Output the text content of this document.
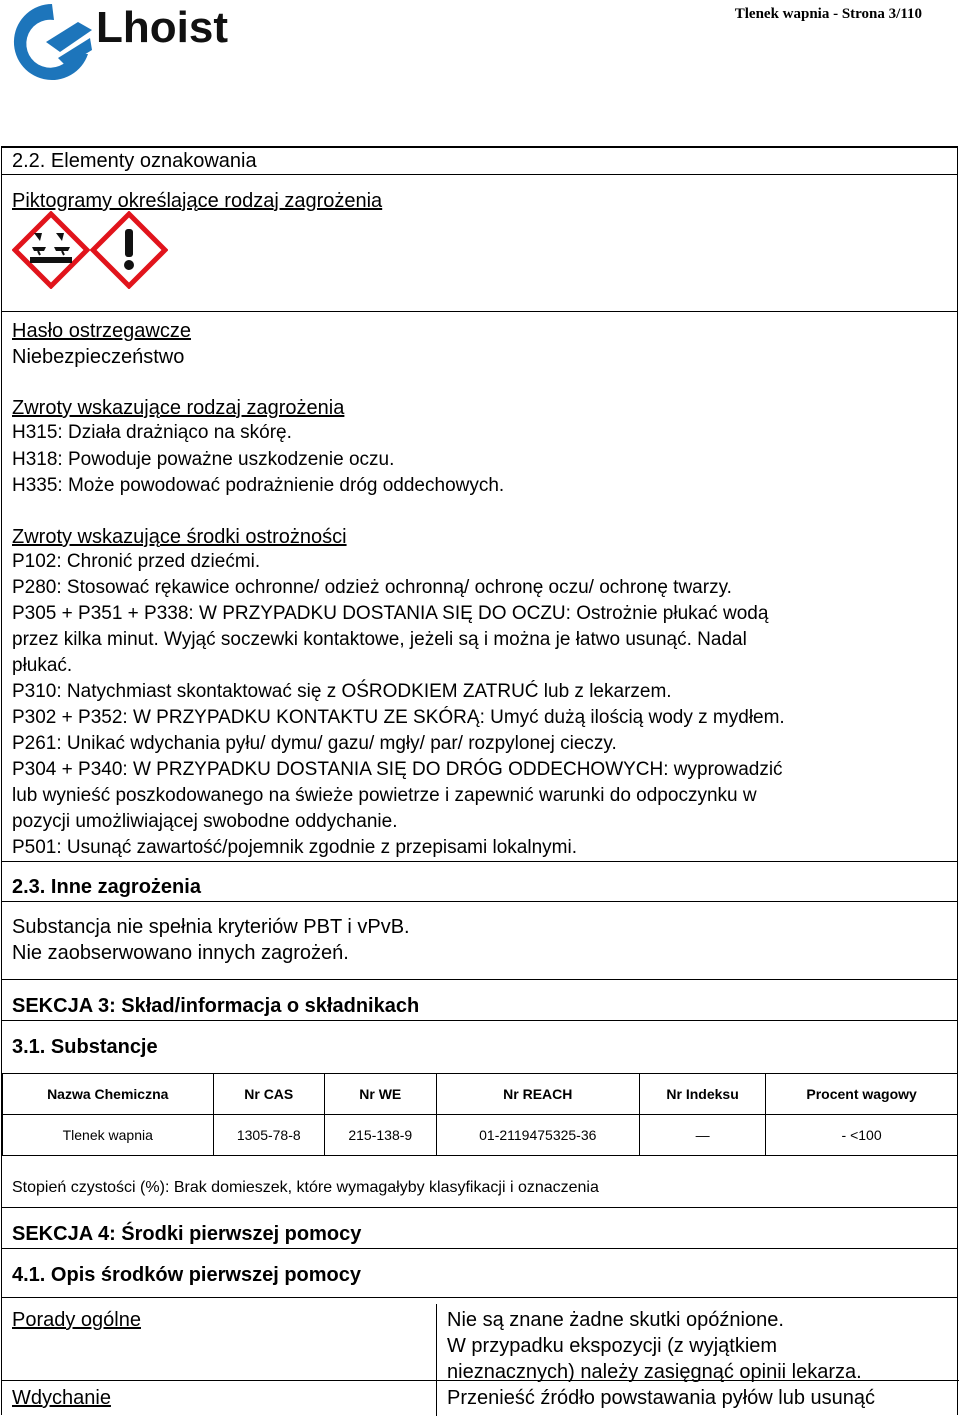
Lhoist	Tlenek wapnia - Strona 3/110
2.2. Elementy oznakowania
Piktogramy określające rodzaj zagrożenia
Hasło ostrzegawcze
Niebezpieczeństwo
Zwroty wskazujące rodzaj zagrożenia
H315: Działa drażniąco na skórę.
H318: Powoduje poważne uszkodzenie oczu.
H335: Może powodować podrażnienie dróg oddechowych.
Zwroty wskazujące środki ostrożności
P102: Chronić przed dziećmi.
P280: Stosować rękawice ochronne/ odzież ochronną/ ochronę oczu/ ochronę twarzy.
P305 + P351 + P338: W PRZYPADKU DOSTANIA SIĘ DO OCZU: Ostrożnie płukać wodą
przez kilka minut. Wyjąć soczewki kontaktowe, jeżeli są i można je łatwo usunąć. Nadal
płukać.
P310: Natychmiast skontaktować się z OŚRODKIEM ZATRUĆ lub z lekarzem.
P302 + P352: W PRZYPADKU KONTAKTU ZE SKÓRĄ: Umyć dużą ilością wody z mydłem.
P261: Unikać wdychania pyłu/ dymu/ gazu/ mgły/ par/ rozpylonej cieczy.
P304 + P340: W PRZYPADKU DOSTANIA SIĘ DO DRÓG ODDECHOWYCH: wyprowadzić
lub wynieść poszkodowanego na świeże powietrze i zapewnić warunki do odpoczynku w
pozycji umożliwiającej swobodne oddychanie.
P501: Usunąć zawartość/pojemnik zgodnie z przepisami lokalnymi.
2.3. Inne zagrożenia
Substancja nie spełnia kryteriów PBT i vPvB.
Nie zaobserwowano innych zagrożeń.
SEKCJA 3: Skład/informacja o składnikach
3.1. Substancje
Nazwa Chemiczna	Nr CAS	Nr WE	Nr REACH	Nr Indeksu	Procent wagowy
Tlenek wapnia	1305-78-8	215-138-9	01-2119475325-36	—	- <100
Stopień czystości (%): Brak domieszek, które wymagałyby klasyfikacji i oznaczenia
SEKCJA 4: Środki pierwszej pomocy
4.1. Opis środków pierwszej pomocy
Porady ogólne	Nie są znane żadne skutki opóźnione.
W przypadku ekspozycji (z wyjątkiem
nieznacznych) należy zasięgnąć opinii lekarza.
Wdychanie	Przenieść źródło powstawania pyłów lub usunąć
